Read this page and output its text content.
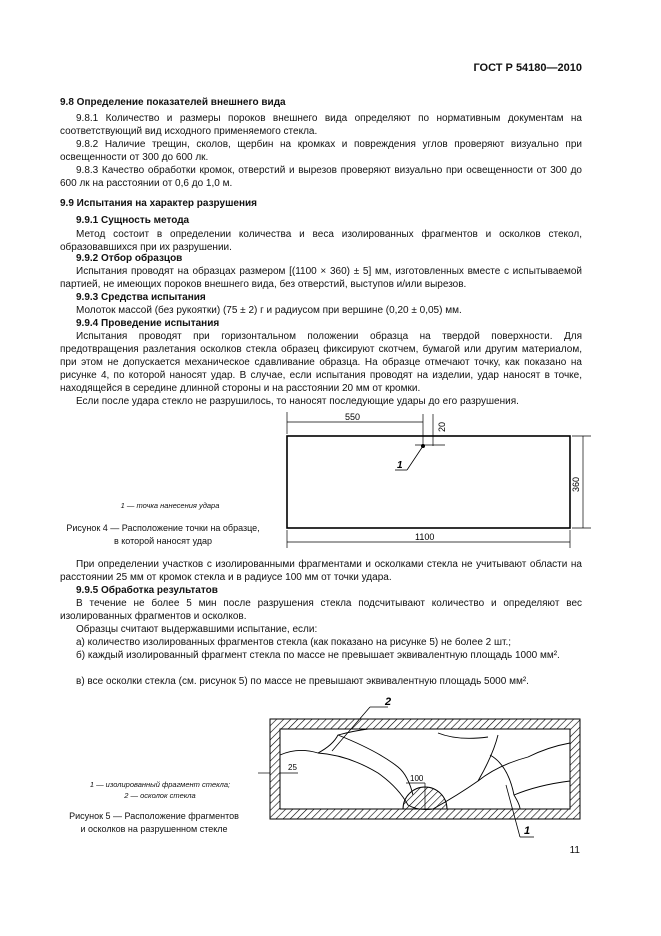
ГОСТ Р 54180—2010
9.8 Определение показателей внешнего вида
9.8.1 Количество и размеры пороков внешнего вида определяют по нормативным документам на соответствующий вид исходного применяемого стекла.
9.8.2 Наличие трещин, сколов, щербин на кромках и повреждения углов проверяют визуально при освещенности от 300 до 600 лк.
9.8.3 Качество обработки кромок, отверстий и вырезов проверяют визуально при освещенности от 300 до 600 лк на расстоянии от 0,6 до 1,0 м.
9.9 Испытания на характер разрушения
9.9.1 Сущность метода
Метод состоит в определении количества и веса изолированных фрагментов и осколков стекол, образовавшихся при их разрушении.
9.9.2 Отбор образцов
Испытания проводят на образцах размером [(1100 × 360) ± 5] мм, изготовленных вместе с испытываемой партией, не имеющих пороков внешнего вида, без отверстий, выступов и/или вырезов.
9.9.3 Средства испытания
Молоток массой (без рукоятки) (75 ± 2) г и радиусом при вершине (0,20 ± 0,05) мм.
9.9.4 Проведение испытания
Испытания проводят при горизонтальном положении образца на твердой поверхности. Для предотвращения разлетания осколков стекла образец фиксируют скотчем, бумагой или другим материалом, при этом не допускается механическое сдавливание образца. На образце отмечают точку, как показано на рисунке 4, по которой наносят удар. В случае, если испытания проводят на изделии, удар наносят в точке, находящейся в середине длинной стороны и на расстоянии 20 мм от кромки.
Если после удара стекло не разрушилось, то наносят последующие удары до его разрушения.
550
20
1
360
1100
1 — точка нанесения удара
Рисунок 4 — Расположение точки на образце,
в которой наносят удар
При определении участков с изолированными фрагментами и осколками стекла не учитывают области на расстоянии 25 мм от кромок стекла и в радиусе 100 мм от точки удара.
9.9.5 Обработка результатов
В течение не более 5 мин после разрушения стекла подсчитывают количество и определяют вес изолированных фрагментов и осколков.
Образцы считают выдержавшими испытание, если:
а) количество изолированных фрагментов стекла (как показано на рисунке 5) не более 2 шт.;
б) каждый изолированный фрагмент стекла по массе не превышает эквивалентную площадь 1000 мм².
в) все осколки стекла (см. рисунок 5) по массе не превышают эквивалентную площадь 5000 мм².
100
25
2
1
1 — изолированный фрагмент стекла;
2 — осколок стекла
Рисунок 5 — Расположение фрагментов
и осколков на разрушенном стекле
11
